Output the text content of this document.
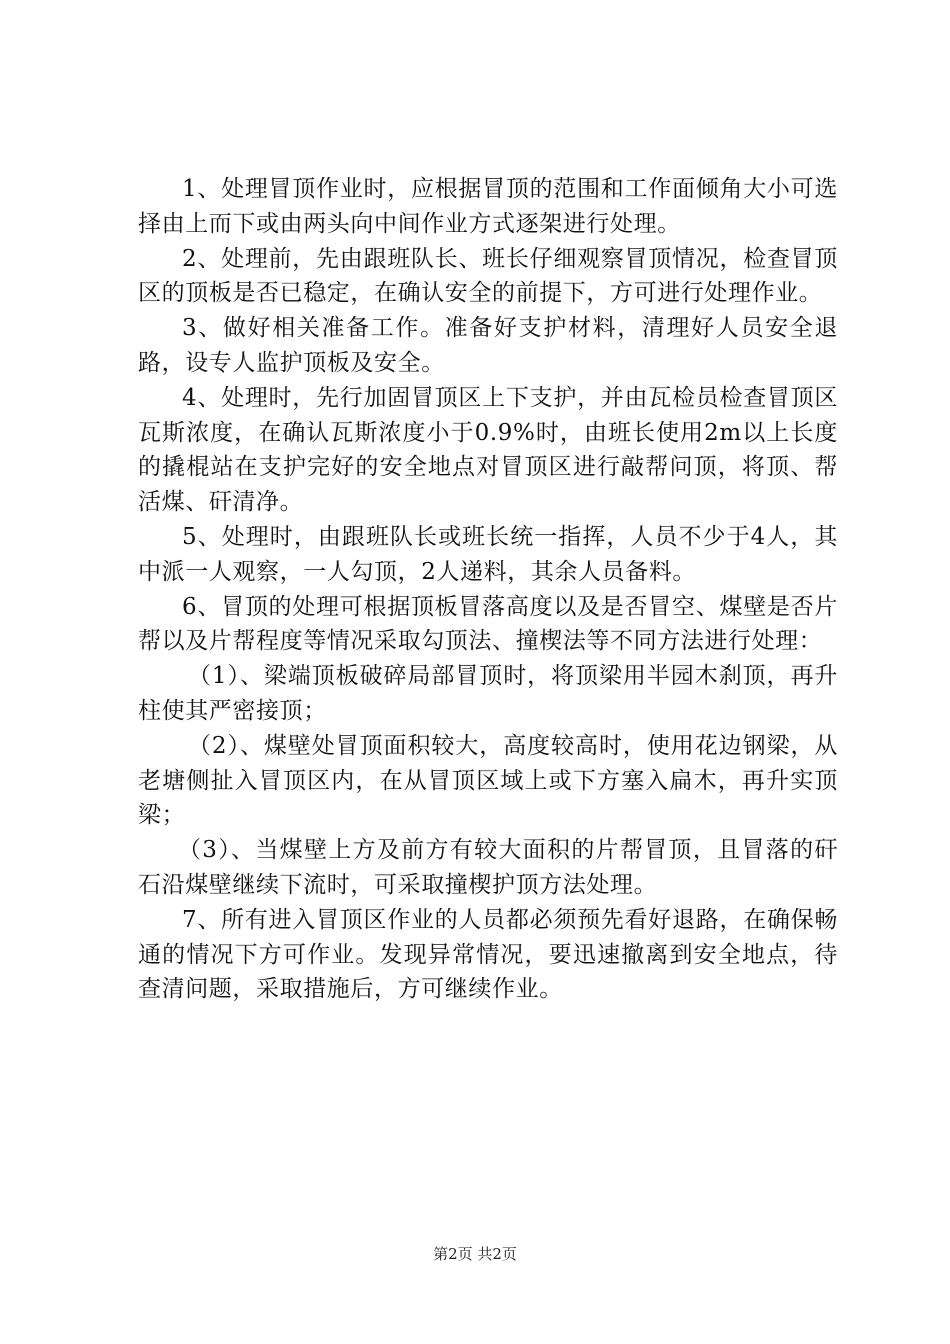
1、处理冒顶作业时，应根据冒顶的范围和工作面倾角大小可选择由上而下或由两头向中间作业方式逐架进行处理。

2、处理前，先由跟班队长、班长仔细观察冒顶情况，检查冒顶区的顶板是否已稳定，在确认安全的前提下，方可进行处理作业。

3、做好相关准备工作。准备好支护材料，清理好人员安全退路，设专人监护顶板及安全。

4、处理时，先行加固冒顶区上下支护，并由瓦检员检查冒顶区瓦斯浓度，在确认瓦斯浓度小于0.9%时，由班长使用2m以上长度的撬棍站在支护完好的安全地点对冒顶区进行敲帮问顶，将顶、帮活煤、矸清净。

5、处理时，由跟班队长或班长统一指挥，人员不少于4人，其中派一人观察，一人勾顶，2人递料，其余人员备料。

6、冒顶的处理可根据顶板冒落高度以及是否冒空、煤壁是否片帮以及片帮程度等情况采取勾顶法、撞楔法等不同方法进行处理：

（1）、梁端顶板破碎局部冒顶时，将顶梁用半园木刹顶，再升柱使其严密接顶；

（2）、煤壁处冒顶面积较大，高度较高时，使用花边钢梁，从老塘侧扯入冒顶区内，在从冒顶区域上或下方塞入扁木，再升实顶梁；

（3）、当煤壁上方及前方有较大面积的片帮冒顶，且冒落的矸石沿煤壁继续下流时，可采取撞楔护顶方法处理。

7、所有进入冒顶区作业的人员都必须预先看好退路，在确保畅通的情况下方可作业。发现异常情况，要迅速撤离到安全地点，待查清问题，采取措施后，方可继续作业。

第2页 共2页
